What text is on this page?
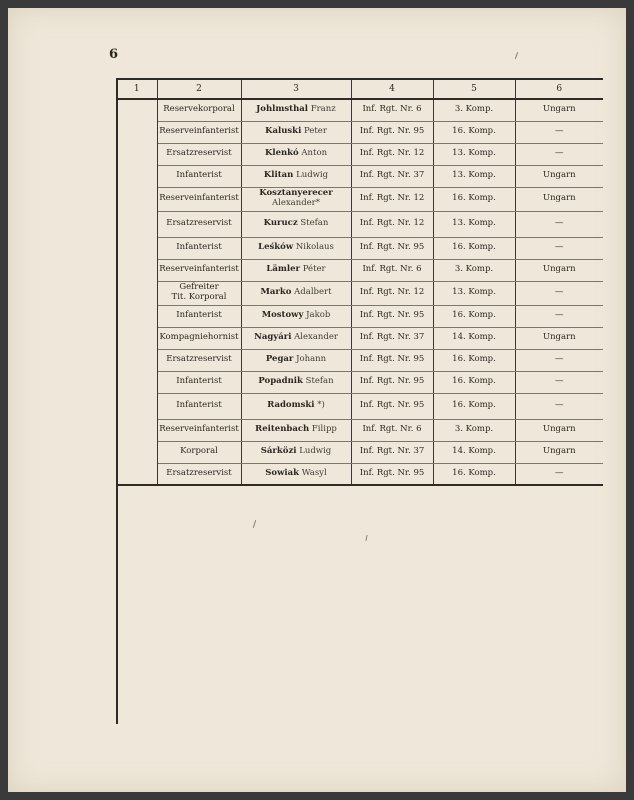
6
1	2	3	4	5	6
	Reservekorporal	Johlmsthal Franz	Inf. Rgt. Nr. 6	3. Komp.	Ungarn
	Reserveinfanterist	Kaluski Peter	Inf. Rgt. Nr. 95	16. Komp.	—
	Ersatzreservist	Klenkó Anton	Inf. Rgt. Nr. 12	13. Komp.	—
	Infanterist	Klitan Ludwig	Inf. Rgt. Nr. 37	13. Komp.	Ungarn
	Reserveinfanterist	Kosztanyerecer Alexander*	Inf. Rgt. Nr. 12	16. Komp.	Ungarn
	Ersatzreservist	Kurucz Stefan	Inf. Rgt. Nr. 12	13. Komp.	—
	Infanterist	Leśków Nikolaus	Inf. Rgt. Nr. 95	16. Komp.	—
	Reserveinfanterist	Lämler Péter	Inf. Rgt. Nr. 6	3. Komp.	Ungarn
	Gefreiter
Tit. Korporal	Marko Adalbert	Inf. Rgt. Nr. 12	13. Komp.	—
	Infanterist	Mostowy Jakob	Inf. Rgt. Nr. 95	16. Komp.	—
	Kompagniehornist	Nagyári Alexander	Inf. Rgt. Nr. 37	14. Komp.	Ungarn
	Ersatzreservist	Pegar Johann	Inf. Rgt. Nr. 95	16. Komp.	—
	Infanterist	Popadnik Stefan	Inf. Rgt. Nr. 95	16. Komp.	—
	Infanterist	Radomski *)	Inf. Rgt. Nr. 95	16. Komp.	—
	Reserveinfanterist	Reitenbach Filipp	Inf. Rgt. Nr. 6	3. Komp.	Ungarn
	Korporal	Sárközi Ludwig	Inf. Rgt. Nr. 37	14. Komp.	Ungarn
	Ersatzreservist	Sowiak Wasyl	Inf. Rgt. Nr. 95	16. Komp.	—
